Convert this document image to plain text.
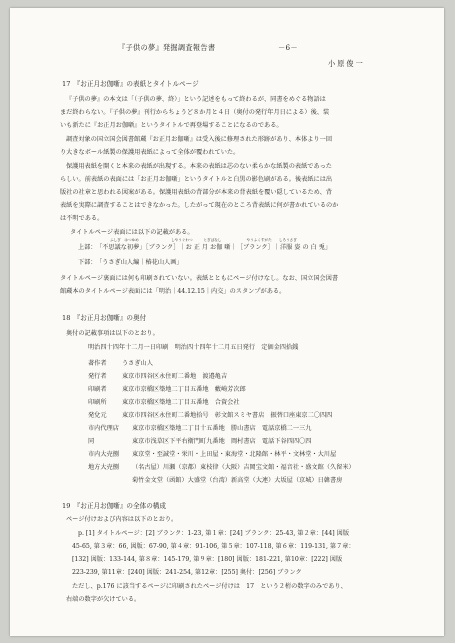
『子供の夢』発掘調査報告書	－6－
小原俊一
17　『お正月お伽噺』の表紙とタイトルページ
『子供の夢』の本文は「（子供の夢、終）」という記述をもって終わるが、同書をめぐる物語は
まだ終わらない。『子供の夢』刊行からちょうど８か月と４日（奥付の発行年月日による）後、装
いも新たに『お正月お伽噺』というタイトルで再登場することになるのである。
調査対象の国立国会図書館蔵『お正月お伽噺』は受入後に修理された形跡があり、本体より一回
り大きなボール紙製の保護用表紙によって全体が覆われていた。
保護用表紙を開くと本来の表紙が出現する。本来の表紙は芯のない柔らかな紙製の表紙であった
らしい。前表紙の表面には「お正月お伽噺」というタイトルと白黒の影色刷がある。後表紙には出
版社の社章と思われる図案がある。保護用表紙の背部分が本来の背表紙を覆い隠しているため、背
表紙を実際に調査することはできなかった。したがって現在のところ背表紙に何が書かれているのか
は不明である。
タイトルページ表面には以下の記載がある。
ふしぎ　はつゆめ　　　　　　　　　しやうぐわつ　　　とぎばなし　　　　　　　やうふくすがた　　しろうさぎ
上部： 「不思議な初夢」［ブランク］｜お 正 月 お伽 噺｜［ブランク］｜洋服 姿 の 白 兎」
下部： 「うさぎ山人編｜椿花山人画」
タイトルページ裏面には何も印刷されていない。表紙とともにページ付けなし。なお、国立国会図書
館蔵本のタイトルページ表面には「明治｜44.12.15｜内交」のスタンプがある。
18　『お正月お伽噺』の奥付
奥付の記載事項は以下のとおり。
明治四十四年十二月一日印刷　明治四十四年十二月五日発行　定価金四拾銭
著作者 うさぎ山人
発行者 東京市四谷区永住町二番地　渡邉亀吉
印刷者 東京市京橋区築地二丁目五番地　藪崎芳次郎
印刷所 東京市京橋区築地二丁目五番地　合資会社
発兌元 東京市四谷区永住町二番地拾号　彰文館スミヤ書店　振替口座東京二〇四四
市内代理店 東京市京橋区築地二丁目十五番地　勝山書店　電話京橋二一三九
同	東京市浅草区下平右衛門町九番地　岡村書店　電話下谷四四〇四
市内大売捌 東京堂・至誠堂・栄川・上田屋・東海堂・北隆館・林平・文林堂・大川屋
地方大売捌 （名古屋）川瀬（京都）東枝律（大阪）吉岡宝文館・福音社・盛文館（久留米）
菊竹金文堂（函館）大盛堂（台湾）新高堂（大連）大坂屋（京城）日韓書房
19　『お正月お伽噺』の全体の構成
ページ付けおよび内容は以下のとおり。
p. [1] タイトルページ：[2] ブランク：1-23, 第１章：[24] ブランク：25-43, 第２章：[44] 図版
45-65, 第３章：66, 図版：67-90, 第４章：91-106, 第５章：107-118, 第６章：119-131, 第７章：
[132] 図版：133-144, 第８章：145-179, 第９章：[180] 図版：181-221, 第10章：[222] 図版
223-239, 第11章：[240] 図版：241-254, 第12章：[255] 奥付：[256] ブランク
ただし、p.176 に該当するページに印刷されたページ付けは　17　という２桁の数字のみであり、
右端の数字が欠けている。
